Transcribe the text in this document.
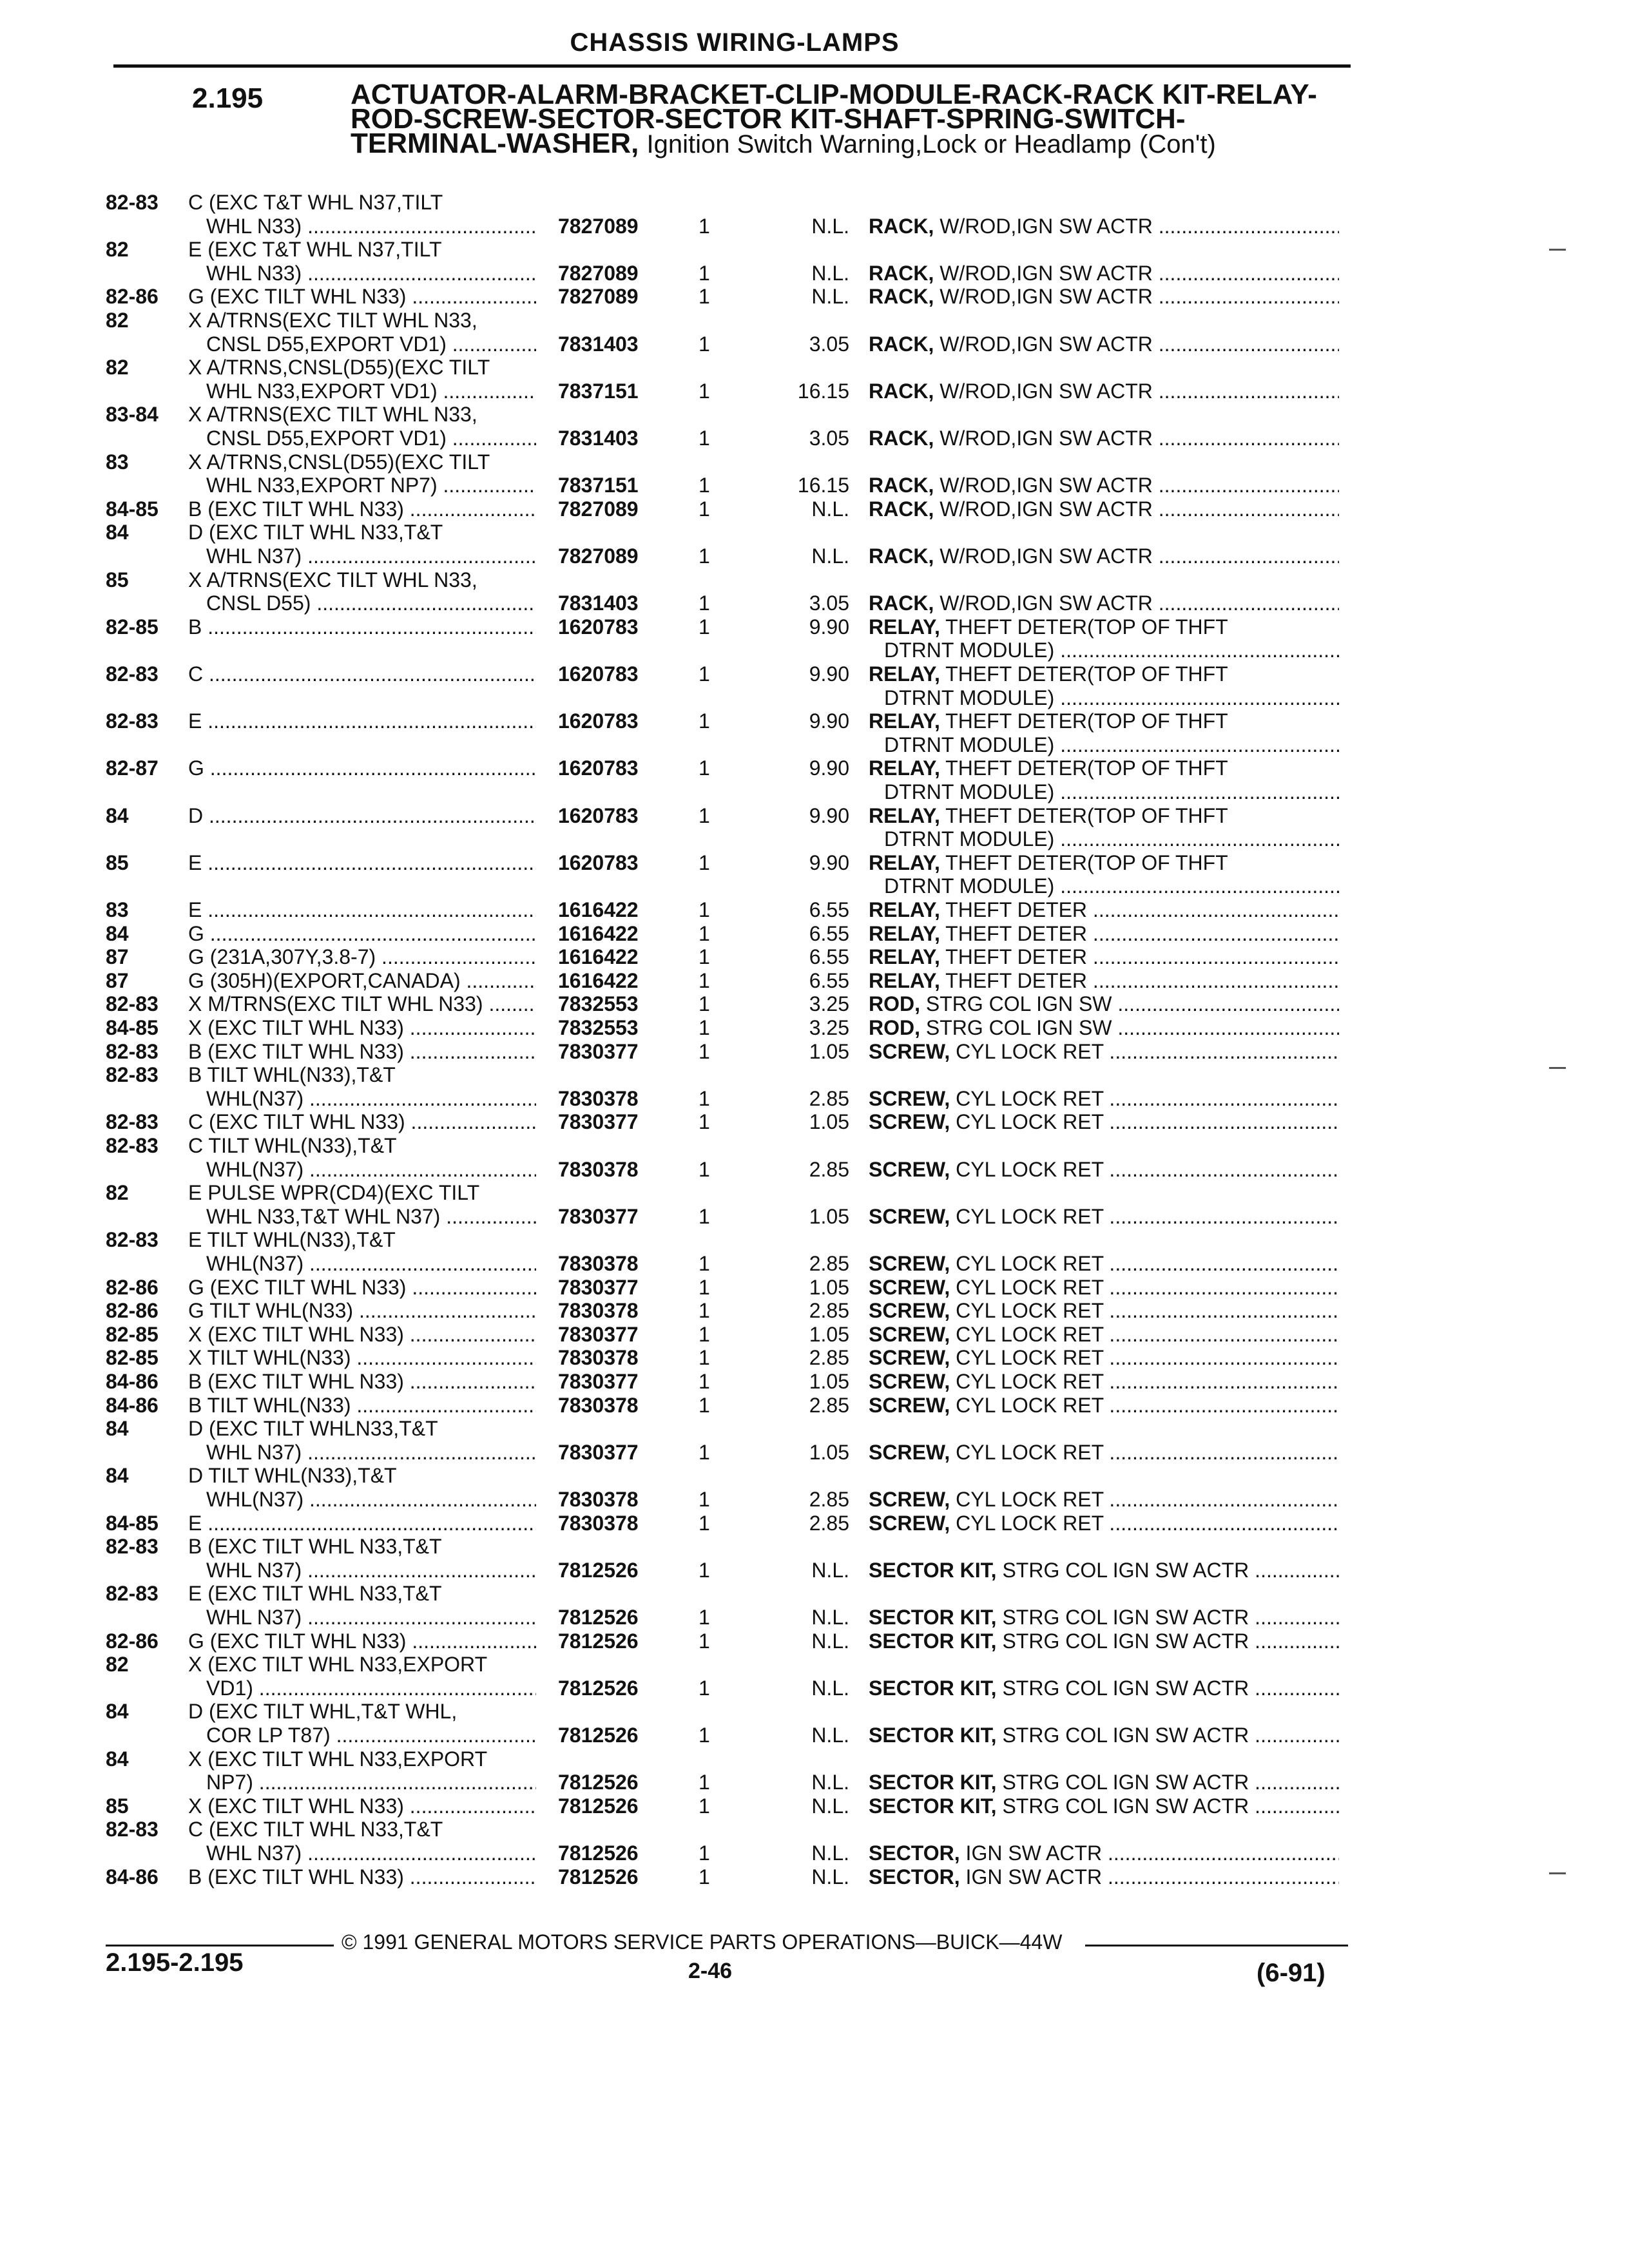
CHASSIS WIRING-LAMPS
2.195	ACTUATOR-ALARM-BRACKET-CLIP-MODULE-RACK-RACK KIT-RELAY-ROD-SCREW-SECTOR-SECTOR KIT-SHAFT-SPRING-SWITCH-TERMINAL-WASHER, Ignition Switch Warning,Lock or Headlamp (Con't)
82-83	C (EXC T&T WHL N37,TILT
WHL N33) .....	7827089	1	N.L. RACK, W/ROD,IGN SW ACTR .....
82	E (EXC T&T WHL N37,TILT
WHL N33) .....	7827089	1	N.L. RACK, W/ROD,IGN SW ACTR .....
82-86	G (EXC TILT WHL N33) .....	7827089	1	N.L. RACK, W/ROD,IGN SW ACTR .....
82	X A/TRNS(EXC TILT WHL N33,
CNSL D55,EXPORT VD1) .....	7831403	1	3.05 RACK, W/ROD,IGN SW ACTR .....
82	X A/TRNS,CNSL(D55)(EXC TILT
WHL N33,EXPORT VD1) .....	7837151	1	16.15 RACK, W/ROD,IGN SW ACTR .....
83-84	X A/TRNS(EXC TILT WHL N33,
CNSL D55,EXPORT VD1) .....	7831403	1	3.05 RACK, W/ROD,IGN SW ACTR .....
83	X A/TRNS,CNSL(D55)(EXC TILT
WHL N33,EXPORT NP7) .....	7837151	1	16.15 RACK, W/ROD,IGN SW ACTR .....
84-85	B (EXC TILT WHL N33) .....	7827089	1	N.L. RACK, W/ROD,IGN SW ACTR .....
84	D (EXC TILT WHL N33,T&T
WHL N37) .....	7827089	1	N.L. RACK, W/ROD,IGN SW ACTR .....
85	X A/TRNS(EXC TILT WHL N33,
CNSL D55) .....	7831403	1	3.05 RACK, W/ROD,IGN SW ACTR .....
82-85	B .....	1620783	1	9.90 RELAY, THEFT DETER(TOP OF THFT
DTRNT MODULE) .....
82-83	C .....	1620783	1	9.90 RELAY, THEFT DETER(TOP OF THFT
DTRNT MODULE) .....
82-83	E .....	1620783	1	9.90 RELAY, THEFT DETER(TOP OF THFT
DTRNT MODULE) .....
82-87	G .....	1620783	1	9.90 RELAY, THEFT DETER(TOP OF THFT
DTRNT MODULE) .....
84	D .....	1620783	1	9.90 RELAY, THEFT DETER(TOP OF THFT
DTRNT MODULE) .....
85	E .....	1620783	1	9.90 RELAY, THEFT DETER(TOP OF THFT
DTRNT MODULE) .....
83	E .....	1616422	1	6.55 RELAY, THEFT DETER .....
84	G .....	1616422	1	6.55 RELAY, THEFT DETER .....
87	G (231A,307Y,3.8-7) .....	1616422	1	6.55 RELAY, THEFT DETER .....
87	G (305H)(EXPORT,CANADA) .....	1616422	1	6.55 RELAY, THEFT DETER .....
82-83	X M/TRNS(EXC TILT WHL N33) .....	7832553	1	3.25 ROD, STRG COL IGN SW .....
84-85	X (EXC TILT WHL N33) .....	7832553	1	3.25 ROD, STRG COL IGN SW .....
82-83	B (EXC TILT WHL N33) .....	7830377	1	1.05 SCREW, CYL LOCK RET .....
82-83	B TILT WHL(N33),T&T
WHL(N37) .....	7830378	1	2.85 SCREW, CYL LOCK RET .....
82-83	C (EXC TILT WHL N33) .....	7830377	1	1.05 SCREW, CYL LOCK RET .....
82-83	C TILT WHL(N33),T&T
WHL(N37) .....	7830378	1	2.85 SCREW, CYL LOCK RET .....
82	E PULSE WPR(CD4)(EXC TILT
WHL N33,T&T WHL N37) .....	7830377	1	1.05 SCREW, CYL LOCK RET .....
82-83	E TILT WHL(N33),T&T
WHL(N37) .....	7830378	1	2.85 SCREW, CYL LOCK RET .....
82-86	G (EXC TILT WHL N33) .....	7830377	1	1.05 SCREW, CYL LOCK RET .....
82-86	G TILT WHL(N33) .....	7830378	1	2.85 SCREW, CYL LOCK RET .....
82-85	X (EXC TILT WHL N33) .....	7830377	1	1.05 SCREW, CYL LOCK RET .....
82-85	X TILT WHL(N33) .....	7830378	1	2.85 SCREW, CYL LOCK RET .....
84-86	B (EXC TILT WHL N33) .....	7830377	1	1.05 SCREW, CYL LOCK RET .....
84-86	B TILT WHL(N33) .....	7830378	1	2.85 SCREW, CYL LOCK RET .....
84	D (EXC TILT WHLN33,T&T
WHL N37) .....	7830377	1	1.05 SCREW, CYL LOCK RET .....
84	D TILT WHL(N33),T&T
WHL(N37) .....	7830378	1	2.85 SCREW, CYL LOCK RET .....
84-85	E .....	7830378	1	2.85 SCREW, CYL LOCK RET .....
82-83	B (EXC TILT WHL N33,T&T
WHL N37) .....	7812526	1	N.L. SECTOR KIT, STRG COL IGN SW ACTR .....
82-83	E (EXC TILT WHL N33,T&T
WHL N37) .....	7812526	1	N.L. SECTOR KIT, STRG COL IGN SW ACTR .....
82-86	G (EXC TILT WHL N33) .....	7812526	1	N.L. SECTOR KIT, STRG COL IGN SW ACTR .....
82	X (EXC TILT WHL N33,EXPORT
VD1) .....	7812526	1	N.L. SECTOR KIT, STRG COL IGN SW ACTR .....
84	D (EXC TILT WHL,T&T WHL,
COR LP T87) .....	7812526	1	N.L. SECTOR KIT, STRG COL IGN SW ACTR .....
84	X (EXC TILT WHL N33,EXPORT
NP7) .....	7812526	1	N.L. SECTOR KIT, STRG COL IGN SW ACTR .....
85	X (EXC TILT WHL N33) .....	7812526	1	N.L. SECTOR KIT, STRG COL IGN SW ACTR .....
82-83	C (EXC TILT WHL N33,T&T
WHL N37) .....	7812526	1	N.L. SECTOR, IGN SW ACTR .....
84-86	B (EXC TILT WHL N33) .....	7812526	1	N.L. SECTOR, IGN SW ACTR .....
© 1991 GENERAL MOTORS SERVICE PARTS OPERATIONS—BUICK—44W
2.195-2.195	2-46	(6-91)
